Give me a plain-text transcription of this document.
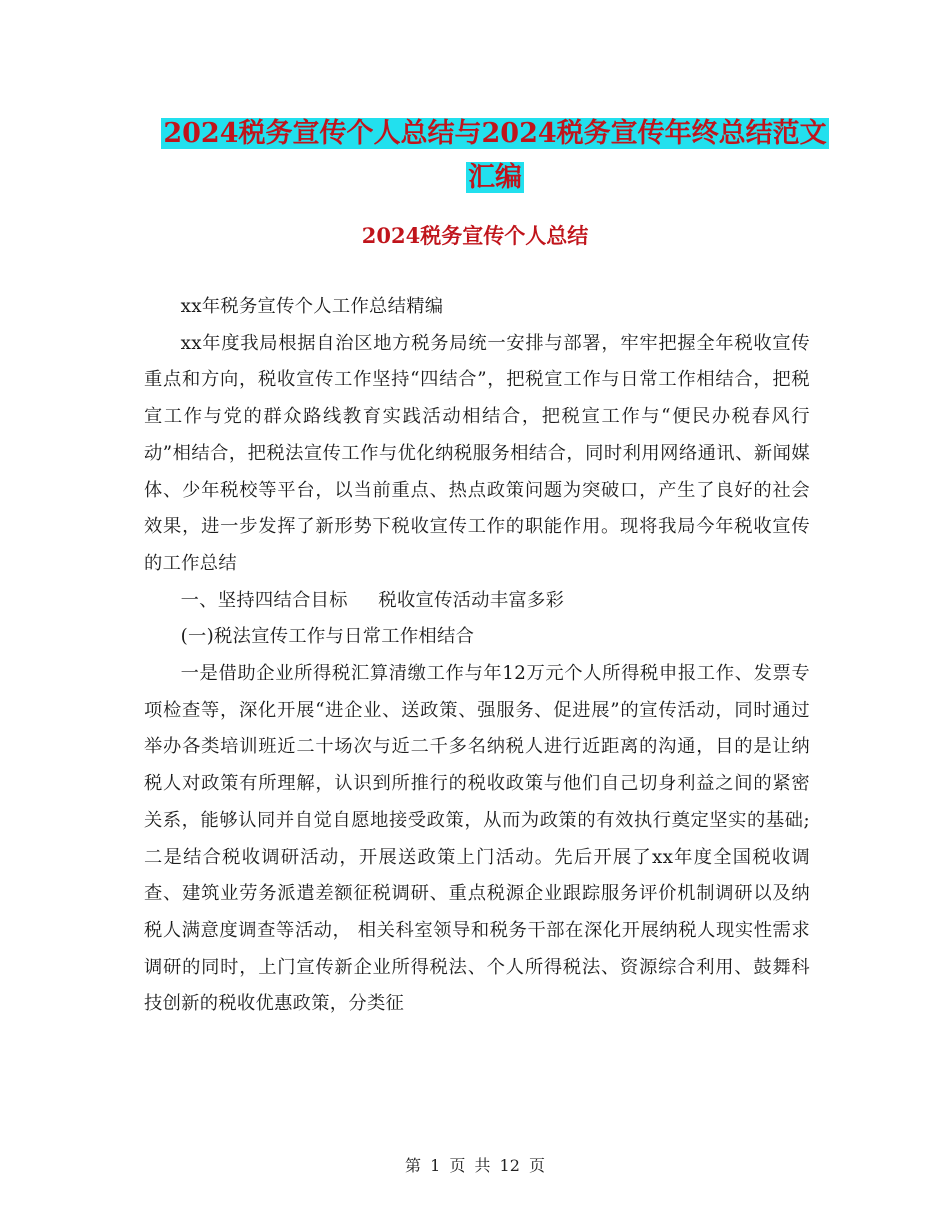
2024税务宣传个人总结与2024税务宣传年终总结范文
汇编
2024税务宣传个人总结

xx年税务宣传个人工作总结精编

xx年度我局根据自治区地方税务局统一安排与部署，牢牢把握全年税收宣传重点和方向，税收宣传工作坚持“四结合”，把税宣工作与日常工作相结合，把税宣工作与党的群众路线教育实践活动相结合，把税宣工作与“便民办税春风行动”相结合，把税法宣传工作与优化纳税服务相结合，同时利用网络通讯、新闻媒体、少年税校等平台，以当前重点、热点政策问题为突破口，产生了良好的社会效果，进一步发挥了新形势下税收宣传工作的职能作用。现将我局今年税收宣传的工作总结

一、坚持四结合目标     税收宣传活动丰富多彩

(一)税法宣传工作与日常工作相结合

一是借助企业所得税汇算清缴工作与年12万元个人所得税申报工作、发票专项检查等，深化开展“进企业、送政策、强服务、促进展”的宣传活动，同时通过举办各类培训班近二十场次与近二千多名纳税人进行近距离的沟通，目的是让纳税人对政策有所理解，认识到所推行的税收政策与他们自己切身利益之间的紧密关系，能够认同并自觉自愿地接受政策，从而为政策的有效执行奠定坚实的基础;二是结合税收调研活动，开展送政策上门活动。先后开展了xx年度全国税收调查、建筑业劳务派遣差额征税调研、重点税源企业跟踪服务评价机制调研以及纳税人满意度调查等活动， 相关科室领导和税务干部在深化开展纳税人现实性需求调研的同时，上门宣传新企业所得税法、个人所得税法、资源综合利用、鼓舞科技创新的税收优惠政策，分类征

第 1 页 共 12 页
